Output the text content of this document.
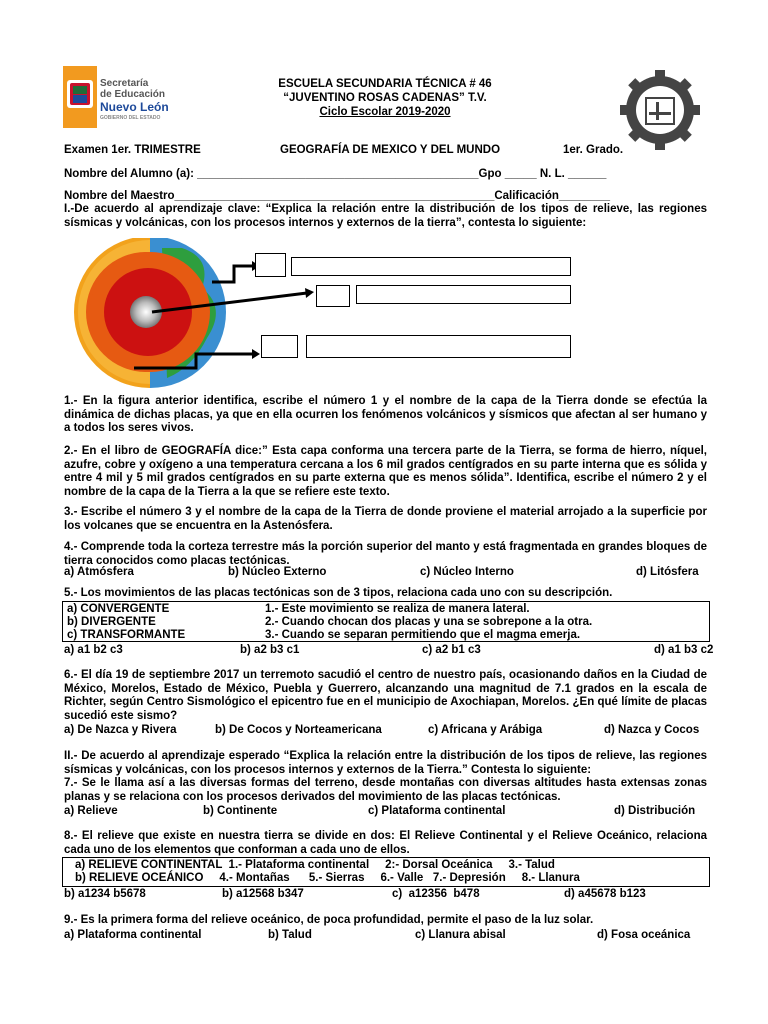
Secretaría
de Educación
Nuevo León
GOBIERNO DEL ESTADO
ESCUELA SECUNDARIA TÉCNICA # 46
“JUVENTINO ROSAS CADENAS” T.V.
Ciclo Escolar 2019-2020
Examen 1er. TRIMESTRE	GEOGRAFÍA DE MEXICO Y DEL MUNDO	1er. Grado.
Nombre del Alumno (a): ____________________________________________Gpo _____ N. L. ______
Nombre del Maestro__________________________________________________Calificación________
I.-De acuerdo al aprendizaje clave: “Explica la relación entre la distribución de los tipos de relieve, las regiones sísmicas y volcánicas, con los procesos internos y externos de la tierra”, contesta lo siguiente:
1.- En la figura anterior identifica, escribe el número 1 y el nombre de la capa de la Tierra donde se efectúa la dinámica de dichas placas, ya que en ella ocurren los fenómenos volcánicos y sísmicos que afectan al ser humano y a todos los seres vivos.
2.- En el libro de GEOGRAFÍA dice:” Esta capa conforma una tercera parte de la Tierra, se forma de hierro, níquel, azufre, cobre y oxígeno a una temperatura cercana a los 6 mil grados centígrados en su parte interna que es sólida y entre 4 mil y 5 mil grados centígrados en su parte externa que es menos sólida”. Identifica, escribe el número 2 y el nombre de la capa de la Tierra a la que se refiere este texto.
3.- Escribe el número 3 y el nombre de la capa de la Tierra de donde proviene el material arrojado a la superficie por los volcanes que se encuentra en la Astenósfera.
4.- Comprende toda la corteza terrestre más la porción superior del manto y está fragmentada en grandes bloques de tierra conocidos como placas tectónicas.
a) Atmósfera	b) Núcleo Externo	c) Núcleo Interno	d) Litósfera
5.- Los movimientos de las placas tectónicas son de 3 tipos, relaciona cada uno con su descripción.
a) CONVERGENTE	1.- Este movimiento se realiza de manera lateral.
b) DIVERGENTE	2.- Cuando chocan dos placas y una se sobrepone a la otra.
c) TRANSFORMANTE	3.- Cuando se separan permitiendo que el magma emerja.
a) a1 b2 c3	b) a2 b3 c1	c) a2 b1 c3	d) a1 b3 c2
6.- El día 19 de septiembre 2017 un terremoto sacudió el centro de nuestro país, ocasionando daños en la Ciudad de México, Morelos, Estado de México, Puebla y Guerrero, alcanzando una magnitud de 7.1 grados en la escala de Richter, según Centro Sismológico el epicentro fue en el municipio de Axochiapan, Morelos. ¿En qué límite de placas sucedió este sismo?
a) De Nazca y Rivera	b) De Cocos y Norteamericana	c) Africana y Arábiga	d) Nazca y Cocos
II.- De acuerdo al aprendizaje esperado “Explica la relación entre la distribución de los tipos de relieve, las regiones sísmicas y volcánicas, con los procesos internos y externos de la Tierra.” Contesta lo siguiente:
7.- Se le llama así a las diversas formas del terreno, desde montañas con diversas altitudes hasta extensas zonas planas y se relaciona con los procesos derivados del movimiento de las placas tectónicas.
a) Relieve	b) Continente	c) Plataforma continental	d) Distribución
8.- El relieve que existe en nuestra tierra se divide en dos: El Relieve Continental y el Relieve Oceánico, relaciona cada uno de los elementos que conforman a cada uno de ellos.
a) RELIEVE CONTINENTAL  1.- Plataforma continental     2:- Dorsal Oceánica     3.- Talud
b) RELIEVE OCEÁNICO     4.- Montañas      5.- Sierras     6.- Valle   7.- Depresión     8.- Llanura
b) a1234 b5678	b) a12568 b347	c)  a12356  b478	d) a45678 b123
9.- Es la primera forma del relieve oceánico, de poca profundidad, permite el paso de la luz solar.
a) Plataforma continental	b) Talud	c) Llanura abisal	d) Fosa oceánica
